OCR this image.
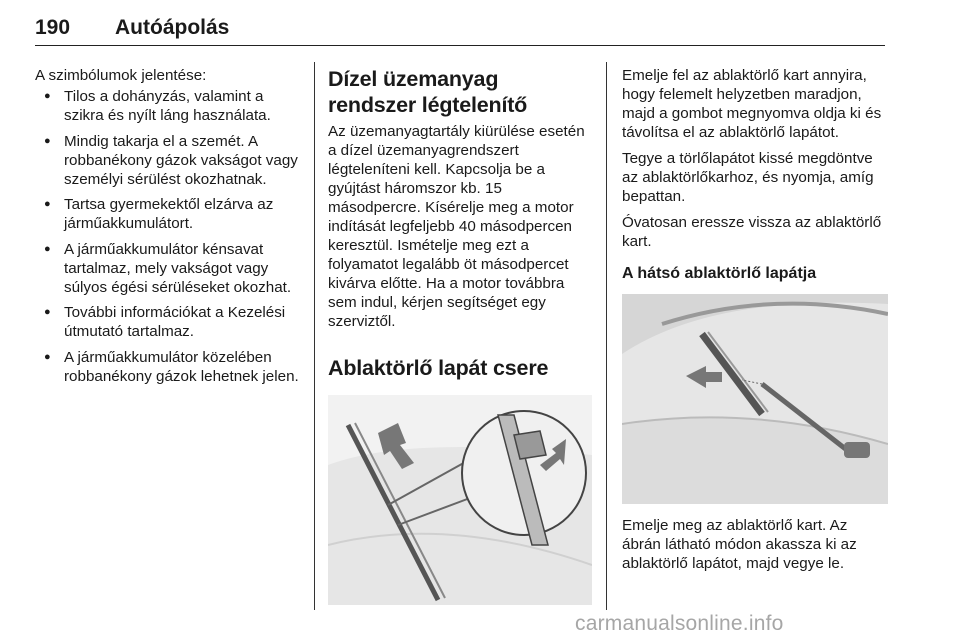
190 Autóápolás

A szimbólumok jelentése:

● Tilos a dohányzás, valamint a szikra és nyílt láng használata.
● Mindig takarja el a szemét. A robbanékony gázok vakságot vagy személyi sérülést okozhatnak.
● Tartsa gyermekektől elzárva az járműakkumulátort.
● A járműakkumulátor kénsavat tartalmaz, mely vakságot vagy súlyos égési sérüléseket okozhat.
● További információkat a Kezelési útmutató tartalmaz.
● A járműakkumulátor közelében robbanékony gázok lehetnek jelen.
Dízel üzemanyag rendszer légtelenítő

Az üzemanyagtartály kiürülése esetén a dízel üzemanyagrendszert légteleníteni kell. Kapcsolja be a gyújtást háromszor kb. 15 másodpercre. Kísérelje meg a motor indítását legfeljebb 40 másodpercen keresztül. Ismételje meg ezt a folyamatot legalább öt másodpercet kivárva előtte. Ha a motor továbbra sem indul, kérjen segítséget egy szerviztől.

Ablaktörlő lapát csere

Emelje fel az ablaktörlő kart annyira, hogy felemelt helyzetben maradjon, majd a gombot megnyomva oldja ki és távolítsa el az ablaktörlő lapátot.

Tegye a törlőlapátot kissé megdöntve az ablaktörlőkarhoz, és nyomja, amíg bepattan.

Óvatosan eressze vissza az ablaktörlő kart.

A hátsó ablaktörlő lapátja

Emelje meg az ablaktörlő kart. Az ábrán látható módon akassza ki az ablaktörlő lapátot, majd vegye le.

carmanualsonline.info
